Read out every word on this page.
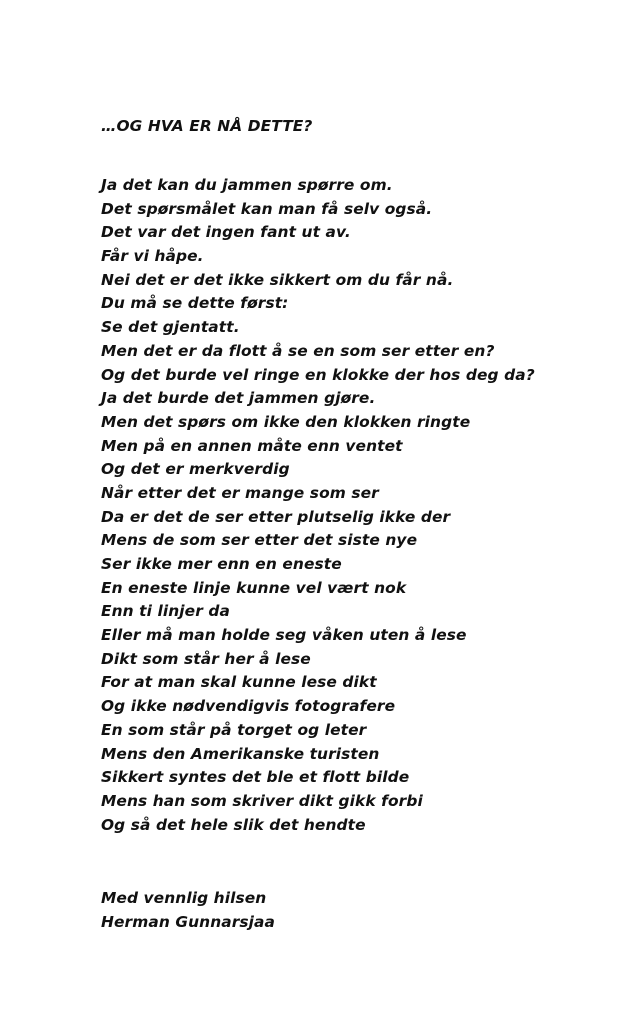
…OG HVA ER NÅ DETTE?
Ja det kan du jammen spørre om.
Det spørsmålet kan man få selv også.
Det var det ingen fant ut av.
Får vi håpe.
Nei det er det ikke sikkert om du får nå.
Du må se dette først:
Se det gjentatt.
Men det er da flott å se en som ser etter en?
Og det burde vel ringe en klokke der hos deg da?
Ja det burde det jammen gjøre.
Men det spørs om ikke den klokken ringte
Men på en annen måte enn ventet
Og det er merkverdig
Når etter det er mange som ser
Da er det de ser etter plutselig ikke der
Mens de som ser etter det siste nye
Ser ikke mer enn en eneste
En eneste linje kunne vel vært nok
Enn ti linjer da
Eller må man holde seg våken uten å lese
Dikt som står her å lese
For at man skal kunne lese dikt
Og ikke nødvendigvis fotografere
En som står på torget og leter
Mens den Amerikanske turisten
Sikkert syntes det ble et flott bilde
Mens han som skriver dikt gikk forbi
Og så det hele slik det hendte
Med vennlig hilsen
Herman Gunnarsjaa
